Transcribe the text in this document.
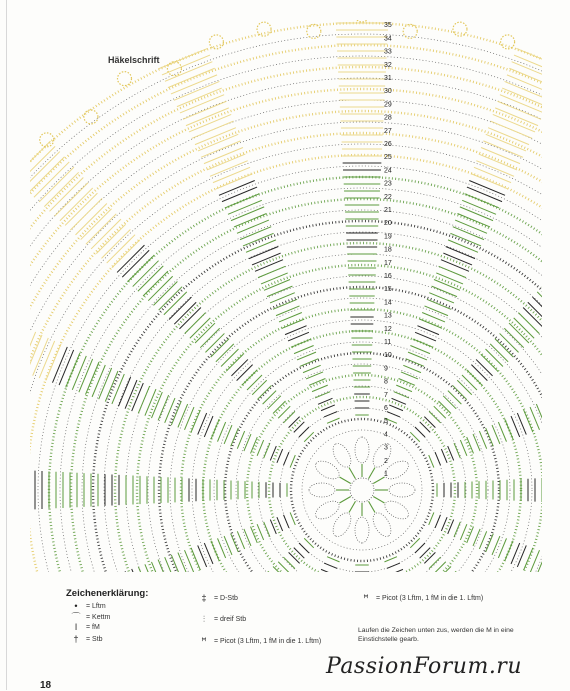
Häkelschrift
1
2
3
4
5
6
7
8
9
10
11
12
13
14
15
16
17
18
19
20
21
22
23
24
25
26
27
28
29
30
31
32
33
34
35
Zeichenerklärung:
•	= Lftm
⌒ = Kettm
ǀ	= fM
†	= Stb
‡	= D-Stb
⫶	= dreif Stb
ꟸ	= Picot (3 Lftm, 1 fM in die 1. Lftm)
ꟸ	= Picot (3 Lftm, 1 fM in die 1. Lftm)
Laufen die Zeichen unten zus, werden die M in eine Einstichstelle gearb.
PassionForum.ru
18
